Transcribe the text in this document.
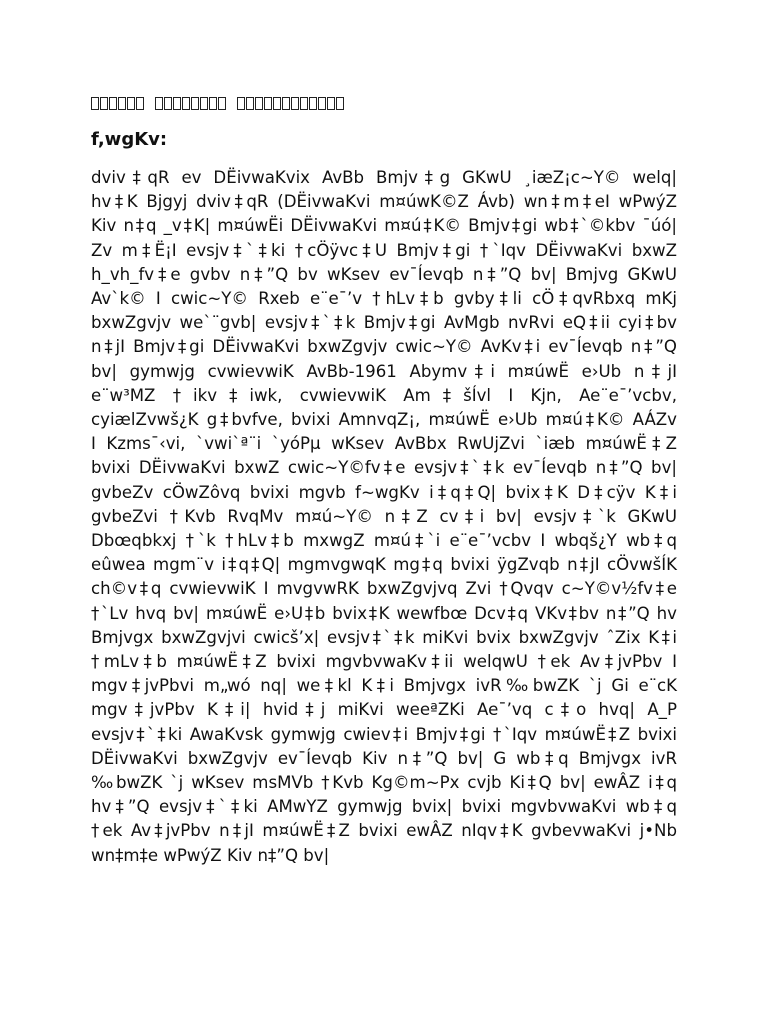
f,wgKv:
dviv‡qR ev DËivwaKvix AvBb Bmjv‡g GKwU ¸iæZ¡c~Y© welq|
hv‡K Bjgyj dviv‡qR (DËivwaKvi m¤úwK©Z Ávb) wn‡m‡eI wPwýZ
Kiv n‡q _v‡K| m¤úwËi DËivwaKvi m¤ú‡K© Bmjv‡gi wb‡`©kbv ¯úó|
Zv m‡Ë¡I evsjv‡`‡ki †cÖÿvc‡U Bmjv‡gi †`Iqv DËivwaKvi bxwZ
h_vh_fv‡e gvbv n‡”Q bv wKsev ev¯Íevqb n‡”Q bv| Bmjvg GKwU
Av`k© I cwic~Y© Rxeb e¨e¯’v †hLv‡b gvby‡li cÖ‡qvRbxq mKj
bxwZgvjv we`¨gvb| evsjv‡`‡k Bmjv‡gi AvMgb nvRvi eQ‡ii cyi‡bv
n‡jI Bmjv‡gi DËivwaKvi bxwZgvjv cwic~Y© AvKv‡i ev¯Íevqb n‡”Q
bv| gymwjg cvwievwiK AvBb-1961 Abymv‡i m¤úwË e›Ub n‡jI
e¨w³MZ †ikv‡iwk, cvwievwiK Am‡šÍvl I Kjn, Ae¨e¯’vcbv,
cyiælZvwš¿K g‡bvfve, bvixi AmnvqZ¡, m¤úwË e›Ub m¤ú‡K© AÁZv
I Kzms¯‹vi, `vwi`ª¨i `yóPµ wKsev AvBbx RwUjZvi `iæb m¤úwË‡Z
bvixi DËivwaKvi bxwZ cwic~Y©fv‡e evsjv‡`‡k ev¯Íevqb n‡”Q bv|
gvbeZv cÖwZôvq bvixi mgvb f~wgKv i‡q‡Q| bvix‡K D‡cÿv K‡i
gvbeZvi †Kvb RvqMv m¤ú~Y© n‡Z cv‡i bv| evsjv‡`k GKwU
Dbœqbkxj †`k †hLv‡b mxwgZ m¤ú‡`i e¨e¯’vcbv I wbqš¿Y wb‡q
eûwea mgm¨v i‡q‡Q| mgmvgwqK mg‡q bvixi ÿgZvqb n‡jI cÖvwšÍK
ch©v‡q cvwievwiK I mvgvwRK bxwZgvjvq Zvi †Qvqv c~Y©v½fv‡e
†`Lv hvq bv| m¤úwË e›U‡b bvix‡K wewfbœ Dcv‡q VKv‡bv n‡”Q hv
Bmjvgx bxwZgvjvi cwicš’x| evsjv‡`‡k miKvi bvix bxwZgvjv ˆZix K‡i
†mLv‡b m¤úwË‡Z bvixi mgvbvwaKv‡ii welqwU †ek Av‡jvPbv I
mgv‡jvPbvi m„wó nq| we‡kl K‡i Bmjvgx ivR‰bwZK `j Gi e¨cK
mgv‡jvPbv K‡i| hvid‡j miKvi weeªZKi Ae¯’vq c‡o hvq| A_P
evsjv‡`‡ki AwaKvsk gymwjg cwiev‡i Bmjv‡gi †`Iqv m¤úwË‡Z bvixi
DËivwaKvi bxwZgvjv ev¯Íevqb Kiv n‡”Q bv| G wb‡q Bmjvgx ivR
‰bwZK `j wKsev msMVb †Kvb Kg©m~Px cvjb Ki‡Q bv| ewÂZ i‡q
hv‡”Q evsjv‡`‡ki AMwYZ gymwjg bvix| bvixi mgvbvwaKvi wb‡q
†ek Av‡jvPbv n‡jI m¤úwË‡Z bvixi ewÂZ nIqv‡K gvbevwaKvi j•Nb
wn‡m‡e wPwýZ Kiv n‡”Q bv|
